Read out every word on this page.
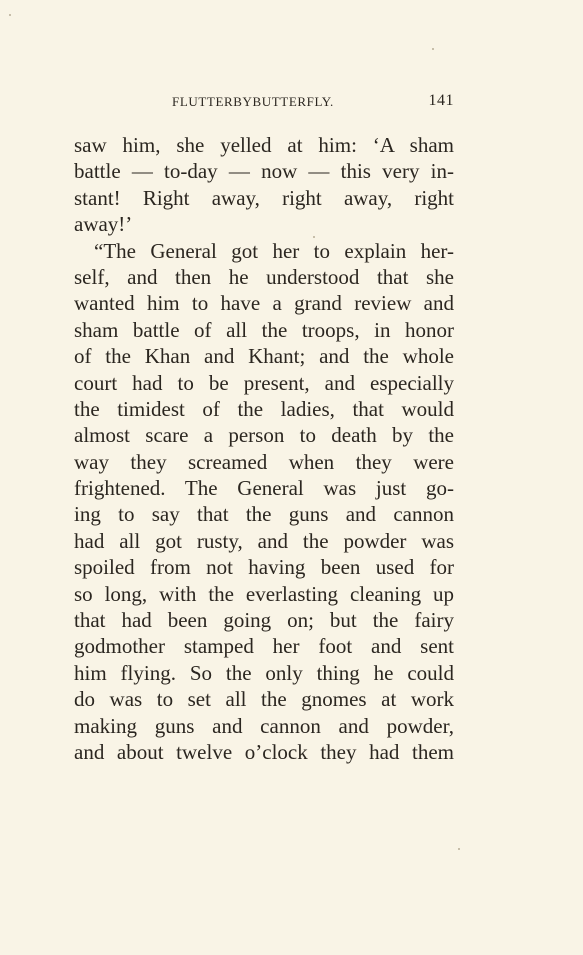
FLUTTERBYBUTTERFLY.	141
saw him, she yelled at him: ‘A sham
battle — to-day — now — this very in-
stant! Right away, right away, right
away!’
“The General got her to explain her-
self, and then he understood that she
wanted him to have a grand review and
sham battle of all the troops, in honor
of the Khan and Khant; and the whole
court had to be present, and especially
the timidest of the ladies, that would
almost scare a person to death by the
way they screamed when they were
frightened. The General was just go-
ing to say that the guns and cannon
had all got rusty, and the powder was
spoiled from not having been used for
so long, with the everlasting cleaning up
that had been going on; but the fairy
godmother stamped her foot and sent
him flying. So the only thing he could
do was to set all the gnomes at work
making guns and cannon and powder,
and about twelve o’clock they had them
